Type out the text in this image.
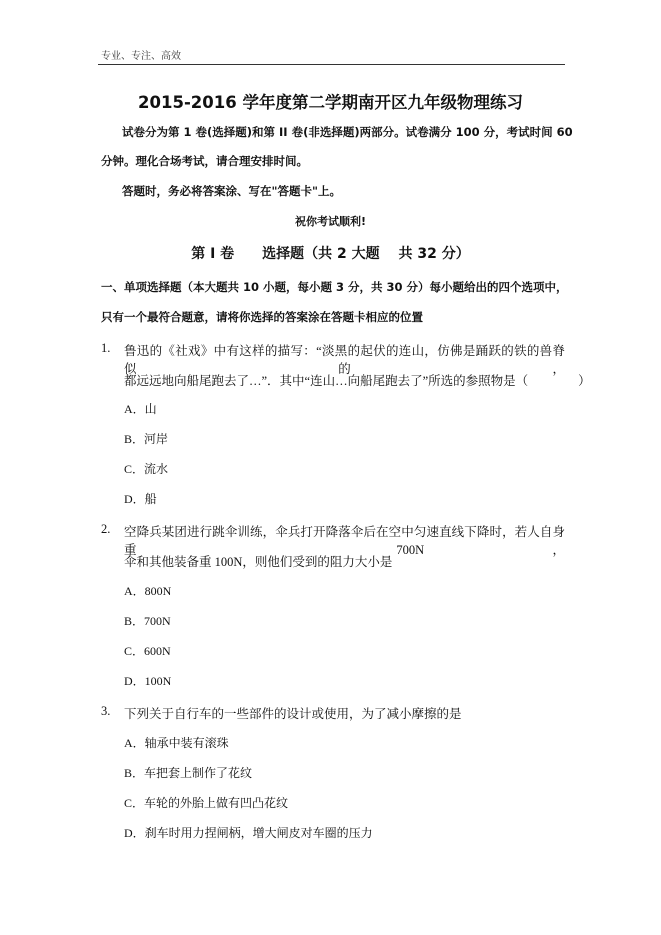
专业、专注、高效
2015-2016 学年度第二学期南开区九年级物理练习
试卷分为第 1 卷(选择题)和第 II 卷(非选择题)两部分。试卷满分 100 分，考试时间 60
分钟。理化合场考试，请合理安排时间。
答题时，务必将答案涂、写在"答题卡"上。
祝你考试顺利!
第 I 卷　　选择题（共 2 大题　 共 32 分）
一、单项选择题（本大题共 10 小题，每小题 3 分，共 30 分）每小题给出的四个选项中，
只有一个最符合题意，请将你选择的答案涂在答题卡相应的位置
1. 鲁迅的《社戏》中有这样的描写：“淡黑的起伏的连山，仿佛是踊跃的铁的兽脊似的，
都远远地向船尾跑去了…”．其中“连山…向船尾跑去了”所选的参照物是（　　　　）
A．山
B．河岸
C．流水
D．船
2. 空降兵某团进行跳伞训练，伞兵打开降落伞后在空中匀速直线下降时，若人自身重 700N，
伞和其他装备重 100N，则他们受到的阻力大小是
A．800N
B．700N
C．600N
D．100N
3. 下列关于自行车的一些部件的设计或使用，为了减小摩擦的是
A．轴承中装有滚珠
B．车把套上制作了花纹
C．车轮的外胎上做有凹凸花纹
D．刹车时用力捏闸柄，增大闸皮对车圈的压力
